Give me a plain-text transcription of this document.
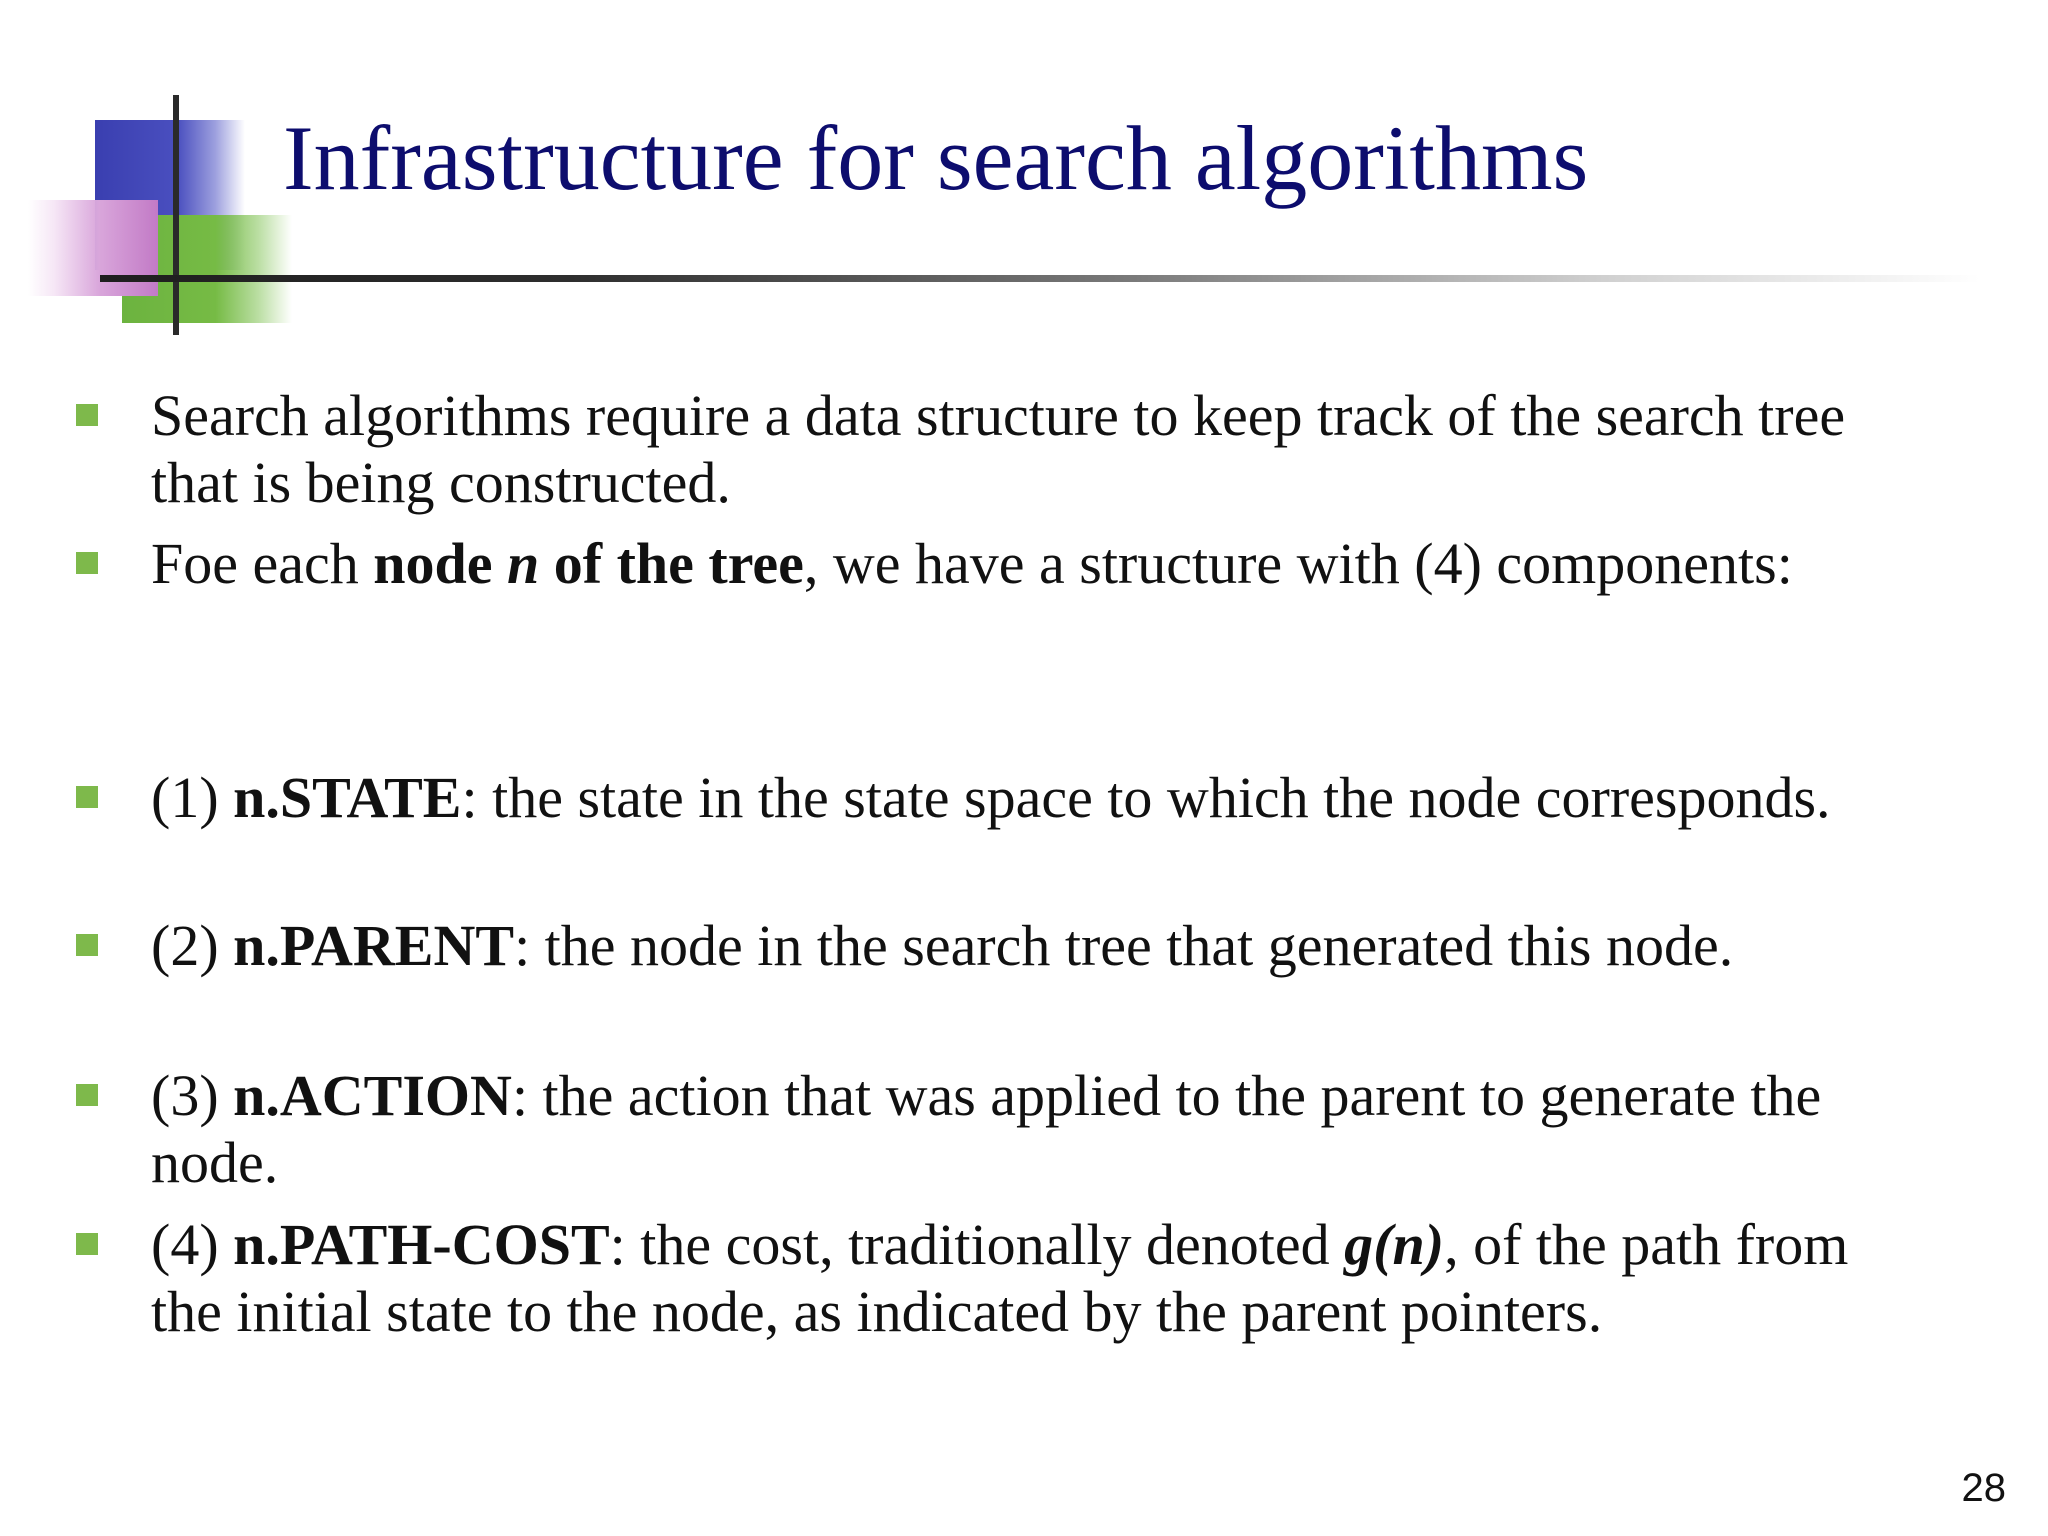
Infrastructure for search algorithms
Search algorithms require a data structure to keep track of the search tree that is being constructed.
Foe each node n of the tree, we have a structure with (4) components:
(1) n.STATE: the state in the state space to which the node corresponds.
(2) n.PARENT: the node in the search tree that generated this node.
(3) n.ACTION: the action that was applied to the parent to generate the node.
(4) n.PATH-COST: the cost, traditionally denoted g(n), of the path from the initial state to the node, as indicated by the parent pointers.
28
